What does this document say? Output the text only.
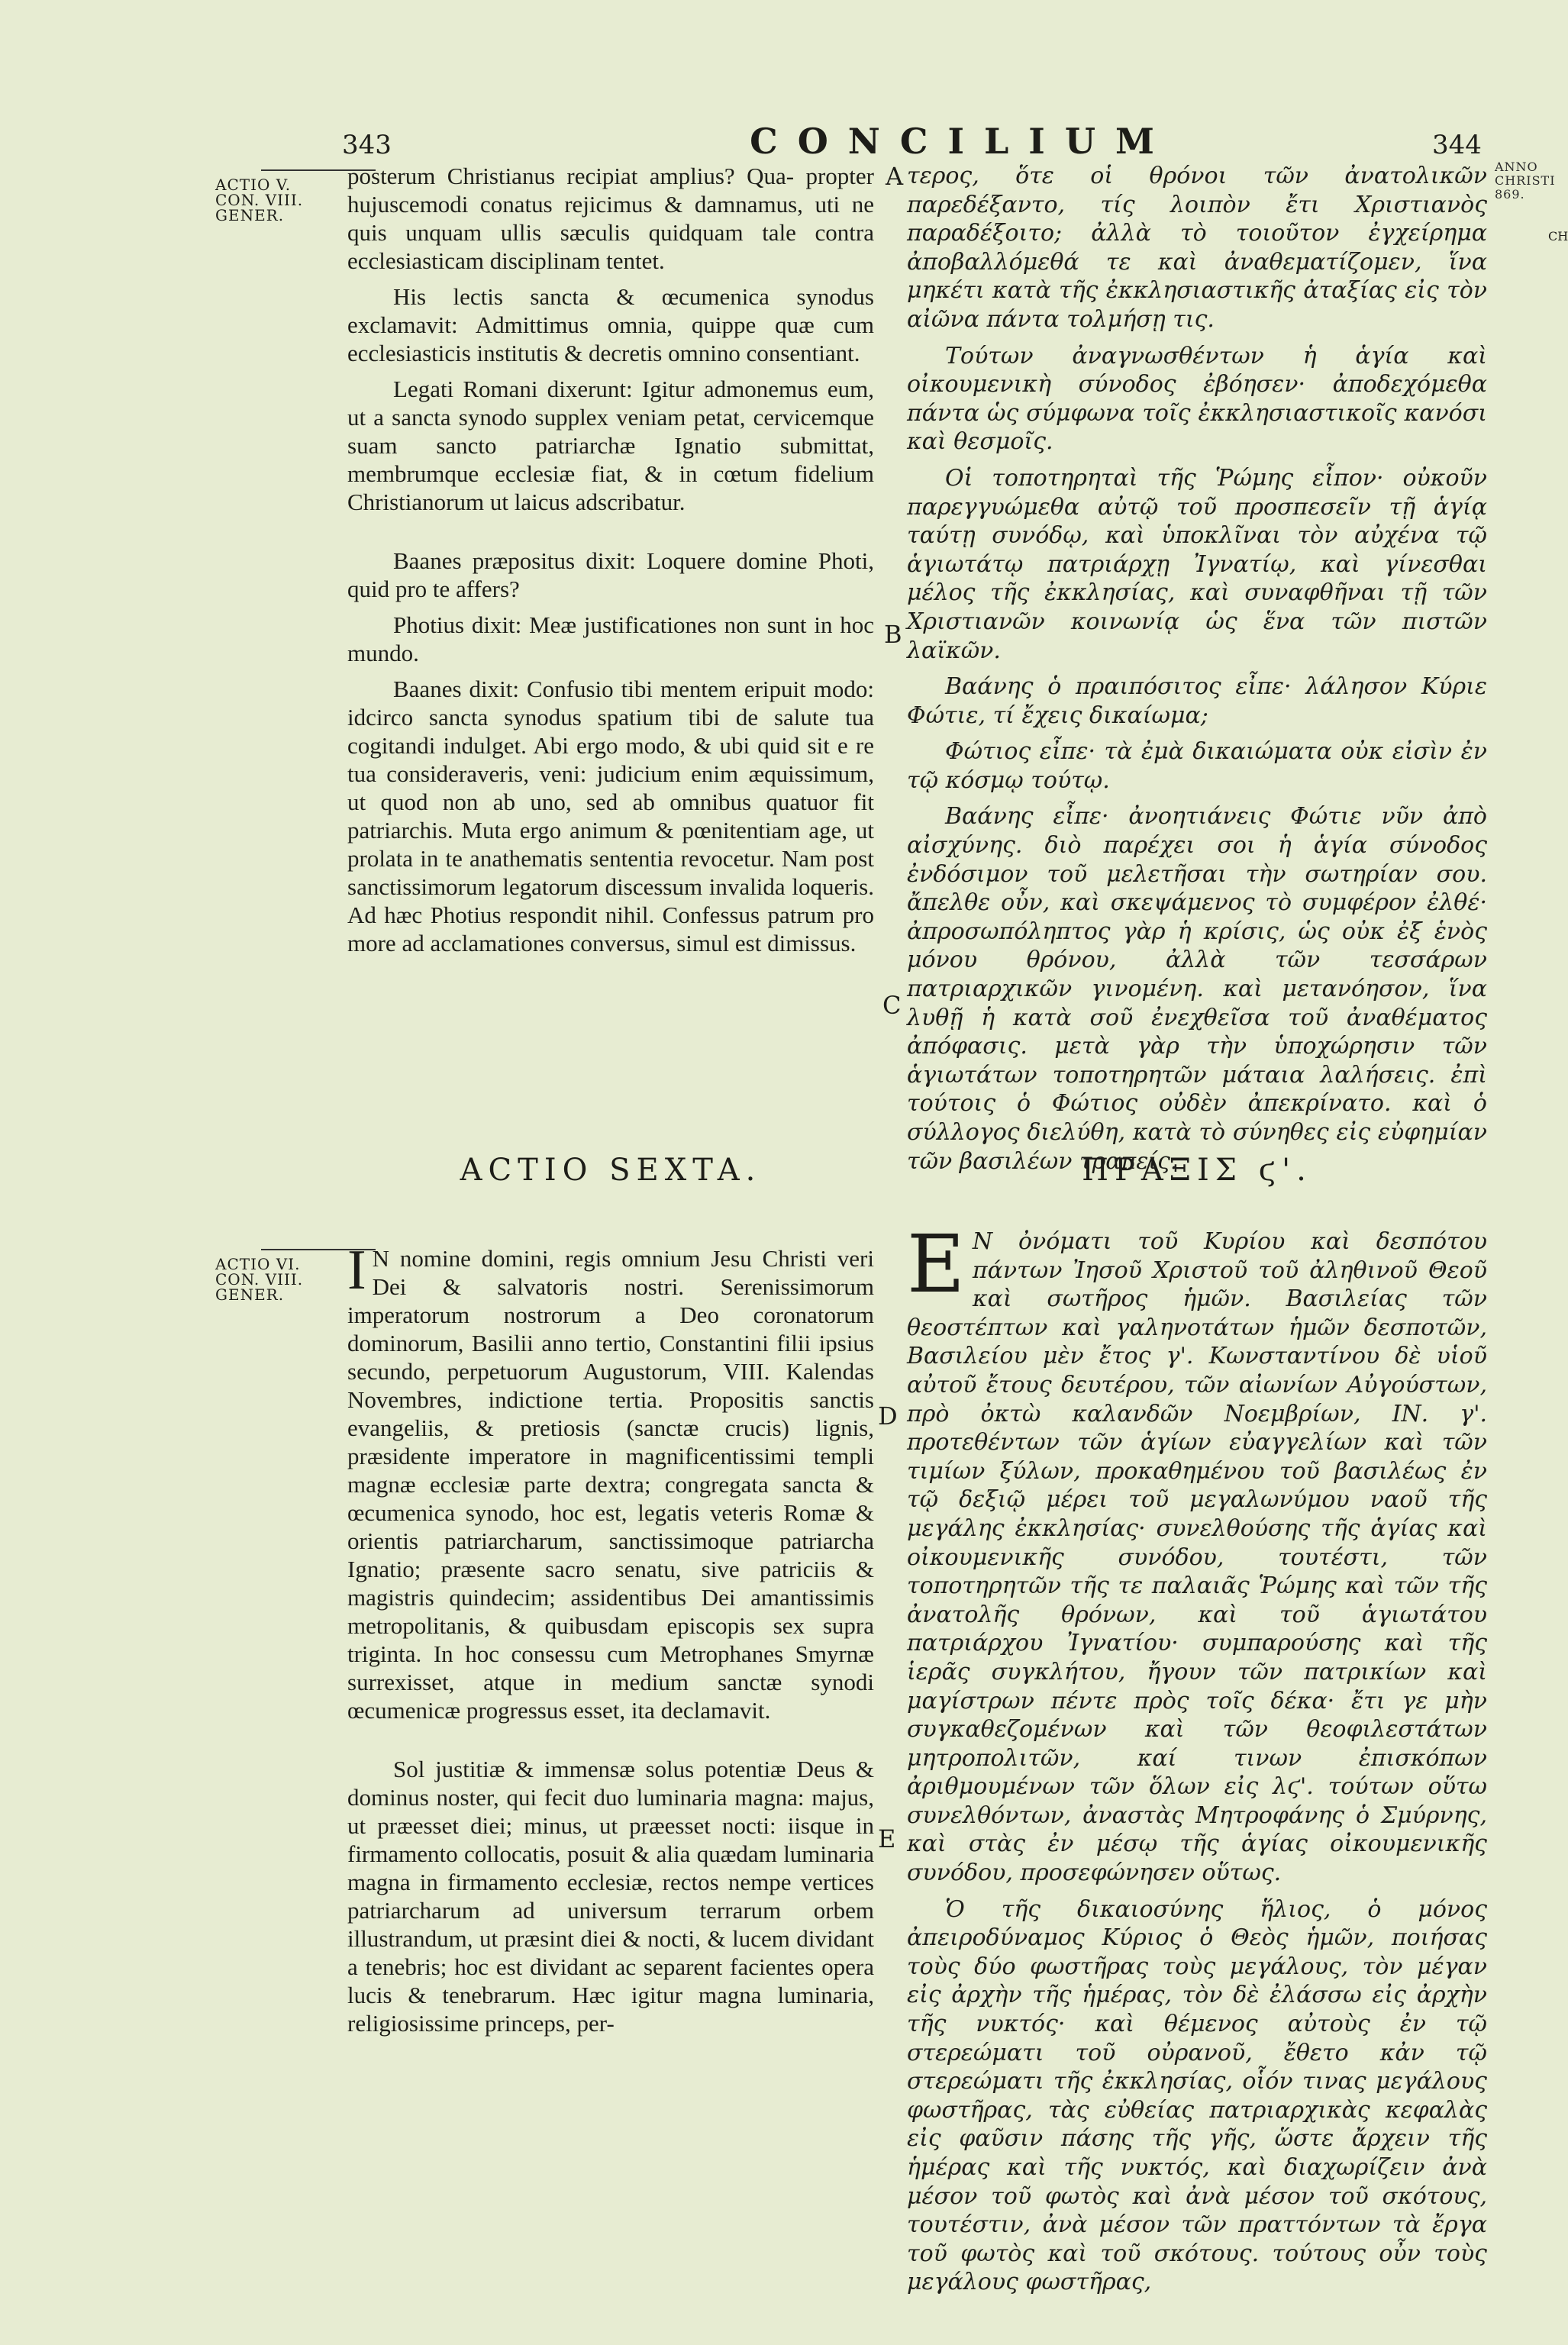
343	CONCILIUM	344
ACTIO V.
CON. VIII.
GENER.
ACTIO VI.
CON. VIII.
GENER.
ANNO
CHRISTI
869.
CH
A
B
C
D
E

posterum Christianus recipiat amplius? Qua- propter hujuscemodi conatus rejicimus & damnamus, uti ne quis unquam ullis sæculis quidquam tale contra ecclesiasticam disciplinam tentet.

His lectis sancta & œcumenica synodus exclamavit: Admittimus omnia, quippe quæ cum ecclesiasticis institutis & decretis omnino consentiant.

Legati Romani dixerunt: Igitur admonemus eum, ut a sancta synodo supplex veniam petat, cervicemque suam sancto patriarchæ Ignatio submittat, membrumque ecclesiæ fiat, & in cœtum fidelium Christianorum ut laicus adscribatur.

Baanes præpositus dixit: Loquere domine Photi, quid pro te affers?

Photius dixit: Meæ justificationes non sunt in hoc mundo.

Baanes dixit: Confusio tibi mentem eripuit modo: idcirco sancta synodus spatium tibi de salute tua cogitandi indulget. Abi ergo modo, & ubi quid sit e re tua consideraveris, veni: judicium enim æquissimum, ut quod non ab uno, sed ab omnibus quatuor fit patriarchis. Muta ergo animum & pœnitentiam age, ut prolata in te anathematis sententia revocetur. Nam post sanctissimorum legatorum discessum invalida loqueris. Ad hæc Photius respondit nihil. Confessus patrum pro more ad acclamationes conversus, simul est dimissus.

τερος, ὅτε οἱ θρόνοι τῶν ἀνατολικῶν παρεδέξαντο, τίς λοιπὸν ἔτι Χριστιανὸς παραδέξοιτο; ἀλλὰ τὸ τοιοῦτον ἐγχείρημα ἀποβαλλόμεθά τε καὶ ἀναθεματίζομεν, ἵνα μηκέτι κατὰ τῆς ἐκκλησιαστικῆς ἀταξίας εἰς τὸν αἰῶνα πάντα τολμήσῃ τις.

Τούτων ἀναγνωσθέντων ἡ ἁγία καὶ οἰκουμενικὴ σύνοδος ἐβόησεν· ἀποδεχόμεθα πάντα ὡς σύμφωνα τοῖς ἐκκλησιαστικοῖς κανόσι καὶ θεσμοῖς.

Οἱ τοποτηρηταὶ τῆς Ῥώμης εἶπον· οὐκοῦν παρεγγυώμεθα αὐτῷ τοῦ προσπεσεῖν τῇ ἁγίᾳ ταύτῃ συνόδῳ, καὶ ὑποκλῖναι τὸν αὐχένα τῷ ἁγιωτάτῳ πατριάρχῃ Ἰγνατίῳ, καὶ γίνεσθαι μέλος τῆς ἐκκλησίας, καὶ συναφθῆναι τῇ τῶν Χριστιανῶν κοινωνίᾳ ὡς ἕνα τῶν πιστῶν λαϊκῶν.

Βαάνης ὁ πραιπόσιτος εἶπε· λάλησον Κύριε Φώτιε, τί ἔχεις δικαίωμα;

Φώτιος εἶπε· τὰ ἐμὰ δικαιώματα οὐκ εἰσὶν ἐν τῷ κόσμῳ τούτῳ.

Βαάνης εἶπε· ἀνοητιάνεις Φώτιε νῦν ἀπὸ αἰσχύνης. διὸ παρέχει σοι ἡ ἁγία σύνοδος ἐνδόσιμον τοῦ μελετῆσαι τὴν σωτηρίαν σου. ἄπελθε οὖν, καὶ σκεψάμενος τὸ συμφέρον ἐλθέ· ἀπροσωπόληπτος γὰρ ἡ κρίσις, ὡς οὐκ ἐξ ἑνὸς μόνου θρόνου, ἀλλὰ τῶν τεσσάρων πατριαρχικῶν γινομένη. καὶ μετανόησον, ἵνα λυθῇ ἡ κατὰ σοῦ ἐνεχθεῖσα τοῦ ἀναθέματος ἀπόφασις. μετὰ γὰρ τὴν ὑποχώρησιν τῶν ἁγιωτάτων τοποτηρητῶν μάταια λαλήσεις. ἐπὶ τούτοις ὁ Φώτιος οὐδὲν ἀπεκρίνατο. καὶ ὁ σύλλογος διελύθη, κατὰ τὸ σύνηθες εἰς εὐφημίαν τῶν βασιλέων τραπείς.

ACTIO SEXTA.	ΠΡΑΞΙΣ ϛ'.

I N nomine domini, regis omnium Jesu Christi veri Dei & salvatoris nostri. Serenissimorum imperatorum nostrorum a Deo coronatorum dominorum, Basilii anno tertio, Constantini filii ipsius secundo, perpetuorum Augustorum, VIII. Kalendas Novembres, indictione tertia. Propositis sanctis evangeliis, & pretiosis (sanctæ crucis) lignis, præsidente imperatore in magnificentissimi templi magnæ ecclesiæ parte dextra; congregata sancta & œcumenica synodo, hoc est, legatis veteris Romæ & orientis patriarcharum, sanctissimoque patriarcha Ignatio; præsente sacro senatu, sive patriciis & magistris quindecim; assidentibus Dei amantissimis metropolitanis, & quibusdam episcopis sex supra triginta. In hoc consessu cum Metrophanes Smyrnæ surrexisset, atque in medium sanctæ synodi œcumenicæ progressus esset, ita declamavit.

Sol justitiæ & immensæ solus potentiæ Deus & dominus noster, qui fecit duo luminaria magna: majus, ut præesset diei; minus, ut præesset nocti: iisque in firmamento collocatis, posuit & alia quædam luminaria magna in firmamento ecclesiæ, rectos nempe vertices patriarcharum ad universum terrarum orbem illustrandum, ut præsint diei & nocti, & lucem dividant a tenebris; hoc est dividant ac separent facientes opera lucis & tenebrarum. Hæc igitur magna luminaria, religiosissime princeps, per-

E Ν ὀνόματι τοῦ Κυρίου καὶ δεσπότου πάντων Ἰησοῦ Χριστοῦ τοῦ ἀληθινοῦ Θεοῦ καὶ σωτῆρος ἡμῶν. Βασιλείας τῶν θεοστέπτων καὶ γαληνοτάτων ἡμῶν δεσποτῶν, Βασιλείου μὲν ἔτος γ'. Κωνσταντίνου δὲ υἱοῦ αὐτοῦ ἔτους δευτέρου, τῶν αἰωνίων Αὐγούστων, πρὸ ὀκτὼ καλανδῶν Νοεμβρίων, ΙΝ. γ'. προτεθέντων τῶν ἁγίων εὐαγγελίων καὶ τῶν τιμίων ξύλων, προκαθημένου τοῦ βασιλέως ἐν τῷ δεξιῷ μέρει τοῦ μεγαλωνύμου ναοῦ τῆς μεγάλης ἐκκλησίας· συνελθούσης τῆς ἁγίας καὶ οἰκουμενικῆς συνόδου, τουτέστι, τῶν τοποτηρητῶν τῆς τε παλαιᾶς Ῥώμης καὶ τῶν τῆς ἀνατολῆς θρόνων, καὶ τοῦ ἁγιωτάτου πατριάρχου Ἰγνατίου· συμπαρούσης καὶ τῆς ἱερᾶς συγκλήτου, ἤγουν τῶν πατρικίων καὶ μαγίστρων πέντε πρὸς τοῖς δέκα· ἔτι γε μὴν συγκαθεζομένων καὶ τῶν θεοφιλεστάτων μητροπολιτῶν, καί τινων ἐπισκόπων ἀριθμουμένων τῶν ὅλων εἰς λϛ'. τούτων οὕτω συνελθόντων, ἀναστὰς Μητροφάνης ὁ Σμύρνης, καὶ στὰς ἐν μέσῳ τῆς ἁγίας οἰκουμενικῆς συνόδου, προσεφώνησεν οὕτως.

Ὁ τῆς δικαιοσύνης ἥλιος, ὁ μόνος ἀπειροδύναμος Κύριος ὁ Θεὸς ἡμῶν, ποιήσας τοὺς δύο φωστῆρας τοὺς μεγάλους, τὸν μέγαν εἰς ἀρχὴν τῆς ἡμέρας, τὸν δὲ ἐλάσσω εἰς ἀρχὴν τῆς νυκτός· καὶ θέμενος αὐτοὺς ἐν τῷ στερεώματι τοῦ οὐρανοῦ, ἔθετο κἀν τῷ στερεώματι τῆς ἐκκλησίας, οἷόν τινας μεγάλους φωστῆρας, τὰς εὐθείας πατριαρχικὰς κεφαλὰς εἰς φαῦσιν πάσης τῆς γῆς, ὥστε ἄρχειν τῆς ἡμέρας καὶ τῆς νυκτός, καὶ διαχωρίζειν ἀνὰ μέσον τοῦ φωτὸς καὶ ἀνὰ μέσον τοῦ σκότους, τουτέστιν, ἀνὰ μέσον τῶν πραττόντων τὰ ἔργα τοῦ φωτὸς καὶ τοῦ σκότους. τούτους οὖν τοὺς μεγάλους φωστῆρας,
